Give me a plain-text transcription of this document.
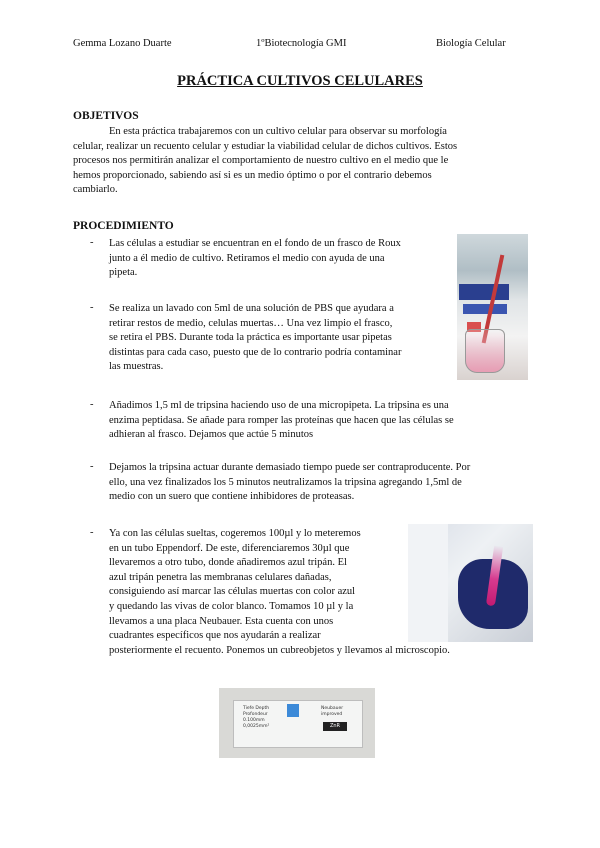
Gemma Lozano Duarte	1ºBiotecnología GMI	Biología Celular
PRÁCTICA CULTIVOS CELULARES
OBJETIVOS
En esta práctica trabajaremos con un cultivo celular para observar su morfología
celular, realizar un recuento celular y estudiar la viabilidad celular de dichos cultivos. Estos
procesos nos permitirán analizar el comportamiento de nuestro cultivo en el medio que le
hemos proporcionado, sabiendo así si es un medio óptimo o por el contrario debemos
cambiarlo.
PROCEDIMIENTO
- Las células a estudiar se encuentran en el fondo de un frasco de Roux
junto a él medio de cultivo. Retiramos el medio con ayuda de una
pipeta.
- Se realiza un lavado con 5ml de una solución de PBS que ayudara a
retirar restos de medio, celulas muertas… Una vez limpio el frasco,
se retira el PBS. Durante toda la práctica es importante usar pipetas
distintas para cada caso, puesto que de lo contrario podría contaminar
las muestras.
- Añadimos 1,5 ml de tripsina haciendo uso de una micropipeta. La tripsina es una
enzima peptidasa. Se añade para romper las proteínas que hacen que las células se
adhieran al frasco. Dejamos que actúe 5 minutos
- Dejamos la tripsina actuar durante demasiado tiempo puede ser contraproducente. Por
ello, una vez finalizados los 5 minutos neutralizamos la tripsina agregando 1,5ml de
medio con un suero que contiene inhibidores de proteasas.
- Ya con las células sueltas, cogeremos 100µl y lo meteremos
en un tubo Eppendorf. De este, diferenciaremos 30µl que
llevaremos a otro tubo, donde añadiremos azul tripán. El
azul tripán penetra las membranas celulares dañadas,
consiguiendo así marcar las células muertas con color azul
y quedando las vivas de color blanco. Tomamos 10 µl y la
llevamos a una placa Neubauer. Esta cuenta con unos
cuadrantes específicos que nos ayudarán a realizar
posteriormente el recuento. Ponemos un cubreobjetos y llevamos al microscopio.
Tiefe Depth
Profondeur
0.100mm
0,0025mm²
Neubauer
improved
ZnR
